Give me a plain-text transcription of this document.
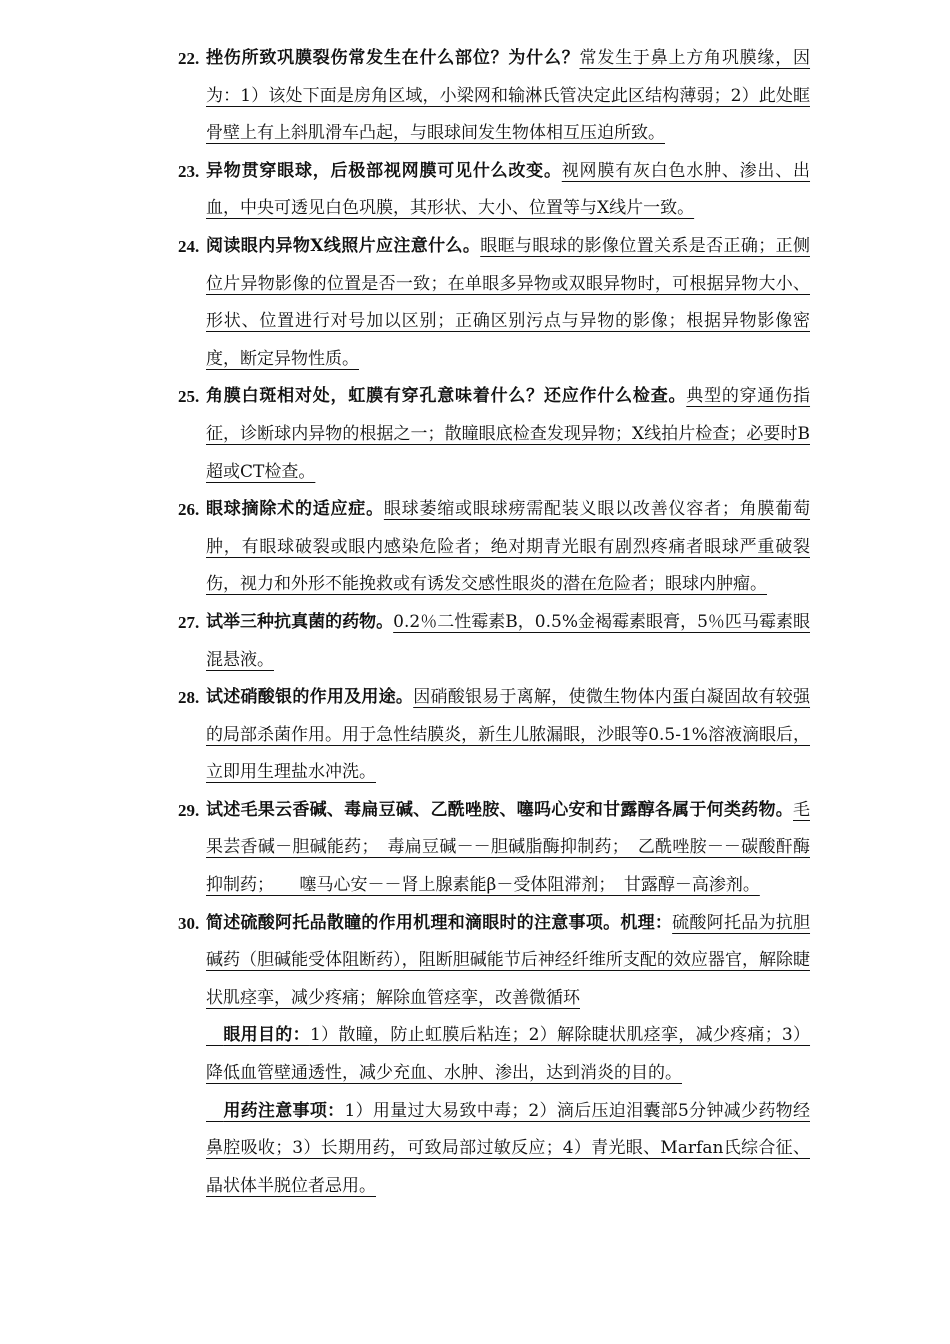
22. 挫伤所致巩膜裂伤常发生在什么部位？为什么？常发生于鼻上方角巩膜缘，因为：1）该处下面是房角区域，小梁网和输淋氏管决定此区结构薄弱；2）此处眶骨壁上有上斜肌滑车凸起，与眼球间发生物体相互压迫所致。
23. 异物贯穿眼球，后极部视网膜可见什么改变。视网膜有灰白色水肿、渗出、出血，中央可透见白色巩膜，其形状、大小、位置等与X线片一致。
24. 阅读眼内异物X线照片应注意什么。眼眶与眼球的影像位置关系是否正确；正侧位片异物影像的位置是否一致；在单眼多异物或双眼异物时，可根据异物大小、形状、位置进行对号加以区别；正确区别污点与异物的影像；根据异物影像密度，断定异物性质。
25. 角膜白斑相对处，虹膜有穿孔意味着什么？还应作什么检查。典型的穿通伤指征，诊断球内异物的根据之一；散瞳眼底检查发现异物；X线拍片检查；必要时B超或CT检查。
26. 眼球摘除术的适应症。眼球萎缩或眼球痨需配装义眼以改善仪容者；角膜葡萄肿，有眼球破裂或眼内感染危险者；绝对期青光眼有剧烈疼痛者眼球严重破裂伤，视力和外形不能挽救或有诱发交感性眼炎的潜在危险者；眼球内肿瘤。
27. 试举三种抗真菌的药物。0.2％二性霉素B，0.5%金褐霉素眼膏，5％匹马霉素眼混悬液。
28. 试述硝酸银的作用及用途。因硝酸银易于离解，使微生物体内蛋白凝固故有较强的局部杀菌作用。用于急性结膜炎，新生儿脓漏眼，沙眼等0.5-1%溶液滴眼后，立即用生理盐水冲洗。
29. 试述毛果云香碱、毒扁豆碱、乙酰唑胺、噻吗心安和甘露醇各属于何类药物。毛果芸香碱－胆碱能药；　毒扁豆碱－－胆碱脂酶抑制药；　乙酰唑胺－－碳酸酐酶抑制药；　　噻马心安－－肾上腺素能β－受体阻滞剂；　甘露醇－高渗剂。
30. 简述硫酸阿托品散瞳的作用机理和滴眼时的注意事项。机理：硫酸阿托品为抗胆碱药（胆碱能受体阻断药），阻断胆碱能节后神经纤维所支配的效应器官，解除睫状肌痉挛，减少疼痛；解除血管痉挛，改善微循环
　眼用目的：1）散瞳，防止虹膜后粘连；2）解除睫状肌痉挛，减少疼痛；3）降低血管壁通透性，减少充血、水肿、渗出，达到消炎的目的。
　用药注意事项：1）用量过大易致中毒；2）滴后压迫泪囊部5分钟减少药物经鼻腔吸收；3）长期用药，可致局部过敏反应；4）青光眼、Marfan氏综合征、晶状体半脱位者忌用。
